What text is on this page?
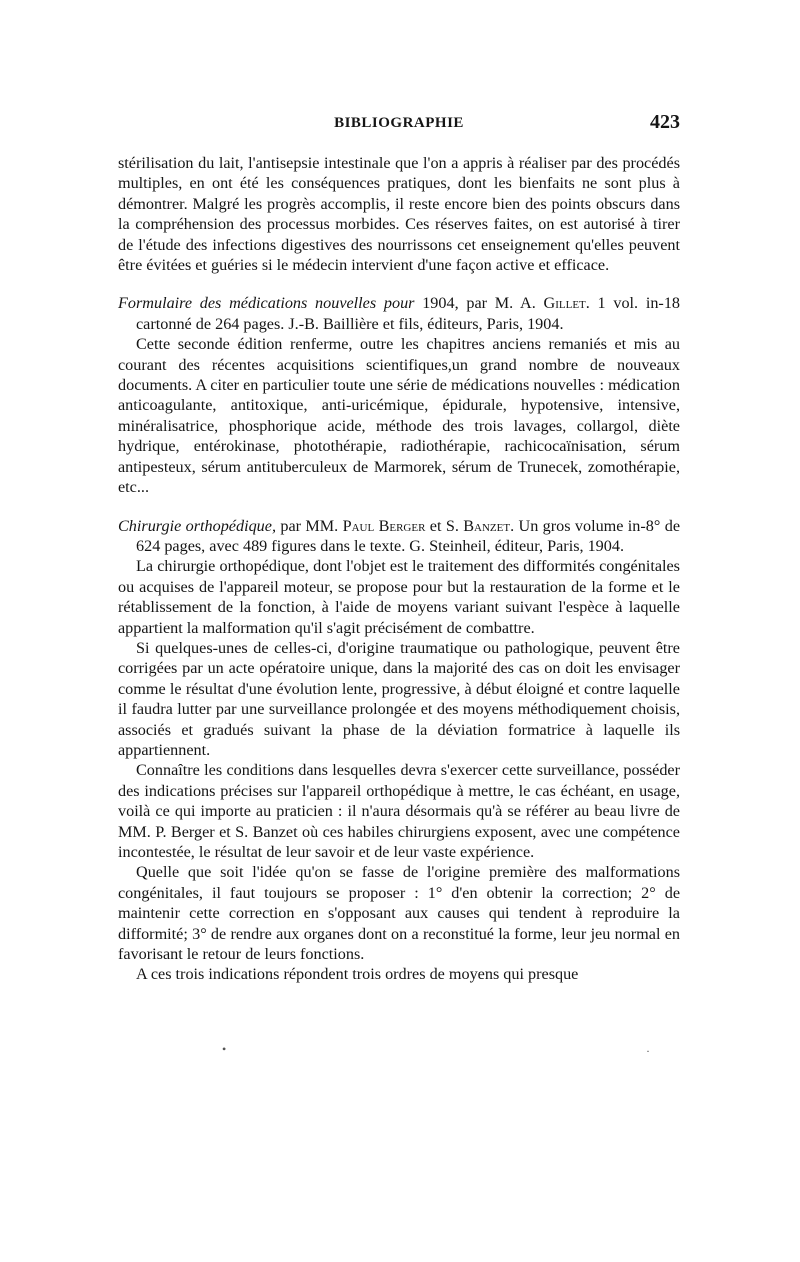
BIBLIOGRAPHIE	423

stérilisation du lait, l'antisepsie intestinale que l'on a appris à réaliser par des procédés multiples, en ont été les conséquences pratiques, dont les bienfaits ne sont plus à démontrer. Malgré les progrès accomplis, il reste encore bien des points obscurs dans la compréhension des processus morbides. Ces réserves faites, on est autorisé à tirer de l'étude des infections digestives des nourrissons cet enseignement qu'elles peuvent être évitées et guéries si le médecin intervient d'une façon active et efficace.

Formulaire des médications nouvelles pour 1904, par M. A. Gillet. 1 vol. in-18 cartonné de 264 pages. J.-B. Baillière et fils, éditeurs, Paris, 1904.

Cette seconde édition renferme, outre les chapitres anciens remaniés et mis au courant des récentes acquisitions scientifiques,un grand nombre de nouveaux documents. A citer en particulier toute une série de médications nouvelles : médication anticoagulante, antitoxique, anti-uricémique, épidurale, hypotensive, intensive, minéralisatrice, phosphorique acide, méthode des trois lavages, collargol, diète hydrique, entérokinase, photothérapie, radiothérapie, rachicocaïnisation, sérum antipesteux, sérum antituberculeux de Marmorek, sérum de Trunecek, zomothérapie, etc...

Chirurgie orthopédique, par MM. Paul Berger et S. Banzet. Un gros volume in-8° de 624 pages, avec 489 figures dans le texte. G. Steinheil, éditeur, Paris, 1904.

La chirurgie orthopédique, dont l'objet est le traitement des difformités congénitales ou acquises de l'appareil moteur, se propose pour but la restauration de la forme et le rétablissement de la fonction, à l'aide de moyens variant suivant l'espèce à laquelle appartient la malformation qu'il s'agit précisément de combattre.

Si quelques-unes de celles-ci, d'origine traumatique ou pathologique, peuvent être corrigées par un acte opératoire unique, dans la majorité des cas on doit les envisager comme le résultat d'une évolution lente, progressive, à début éloigné et contre laquelle il faudra lutter par une surveillance prolongée et des moyens méthodiquement choisis, associés et gradués suivant la phase de la déviation formatrice à laquelle ils appartiennent.

Connaître les conditions dans lesquelles devra s'exercer cette surveillance, posséder des indications précises sur l'appareil orthopédique à mettre, le cas échéant, en usage, voilà ce qui importe au praticien : il n'aura désormais qu'à se référer au beau livre de MM. P. Berger et S. Banzet où ces habiles chirurgiens exposent, avec une compétence incontestée, le résultat de leur savoir et de leur vaste expérience.

Quelle que soit l'idée qu'on se fasse de l'origine première des malformations congénitales, il faut toujours se proposer : 1° d'en obtenir la correction; 2° de maintenir cette correction en s'opposant aux causes qui tendent à reproduire la difformité; 3° de rendre aux organes dont on a reconstitué la forme, leur jeu normal en favorisant le retour de leurs fonctions.

A ces trois indications répondent trois ordres de moyens qui presque

•	·
